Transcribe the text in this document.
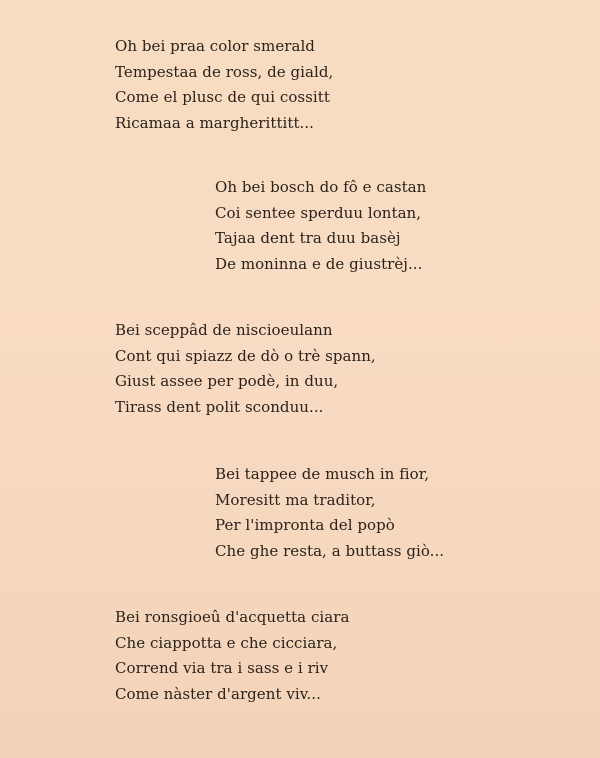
Oh bei praa color smerald
Tempestaa de ross, de giald,
Come el plusc de qui cossitt
Ricamaa a margherittitt...
Oh bei bosch do fô e castan
Coi sentee sperduu lontan,
Tajaa dent tra duu basèj
De moninna e de giustrèj...
Bei sceppâd de niscioeulann
Cont qui spiazz de dò o trè spann,
Giust assee per podè, in duu,
Tirass dent polit sconduu...
Bei tappee de musch in fior,
Moresitt ma traditor,
Per l'impronta del popò
Che ghe resta, a buttass giò...
Bei ronsgioeû d'acquetta ciara
Che ciappotta e che cicciara,
Corrend via tra i sass e i riv
Come nàster d'argent viv...
